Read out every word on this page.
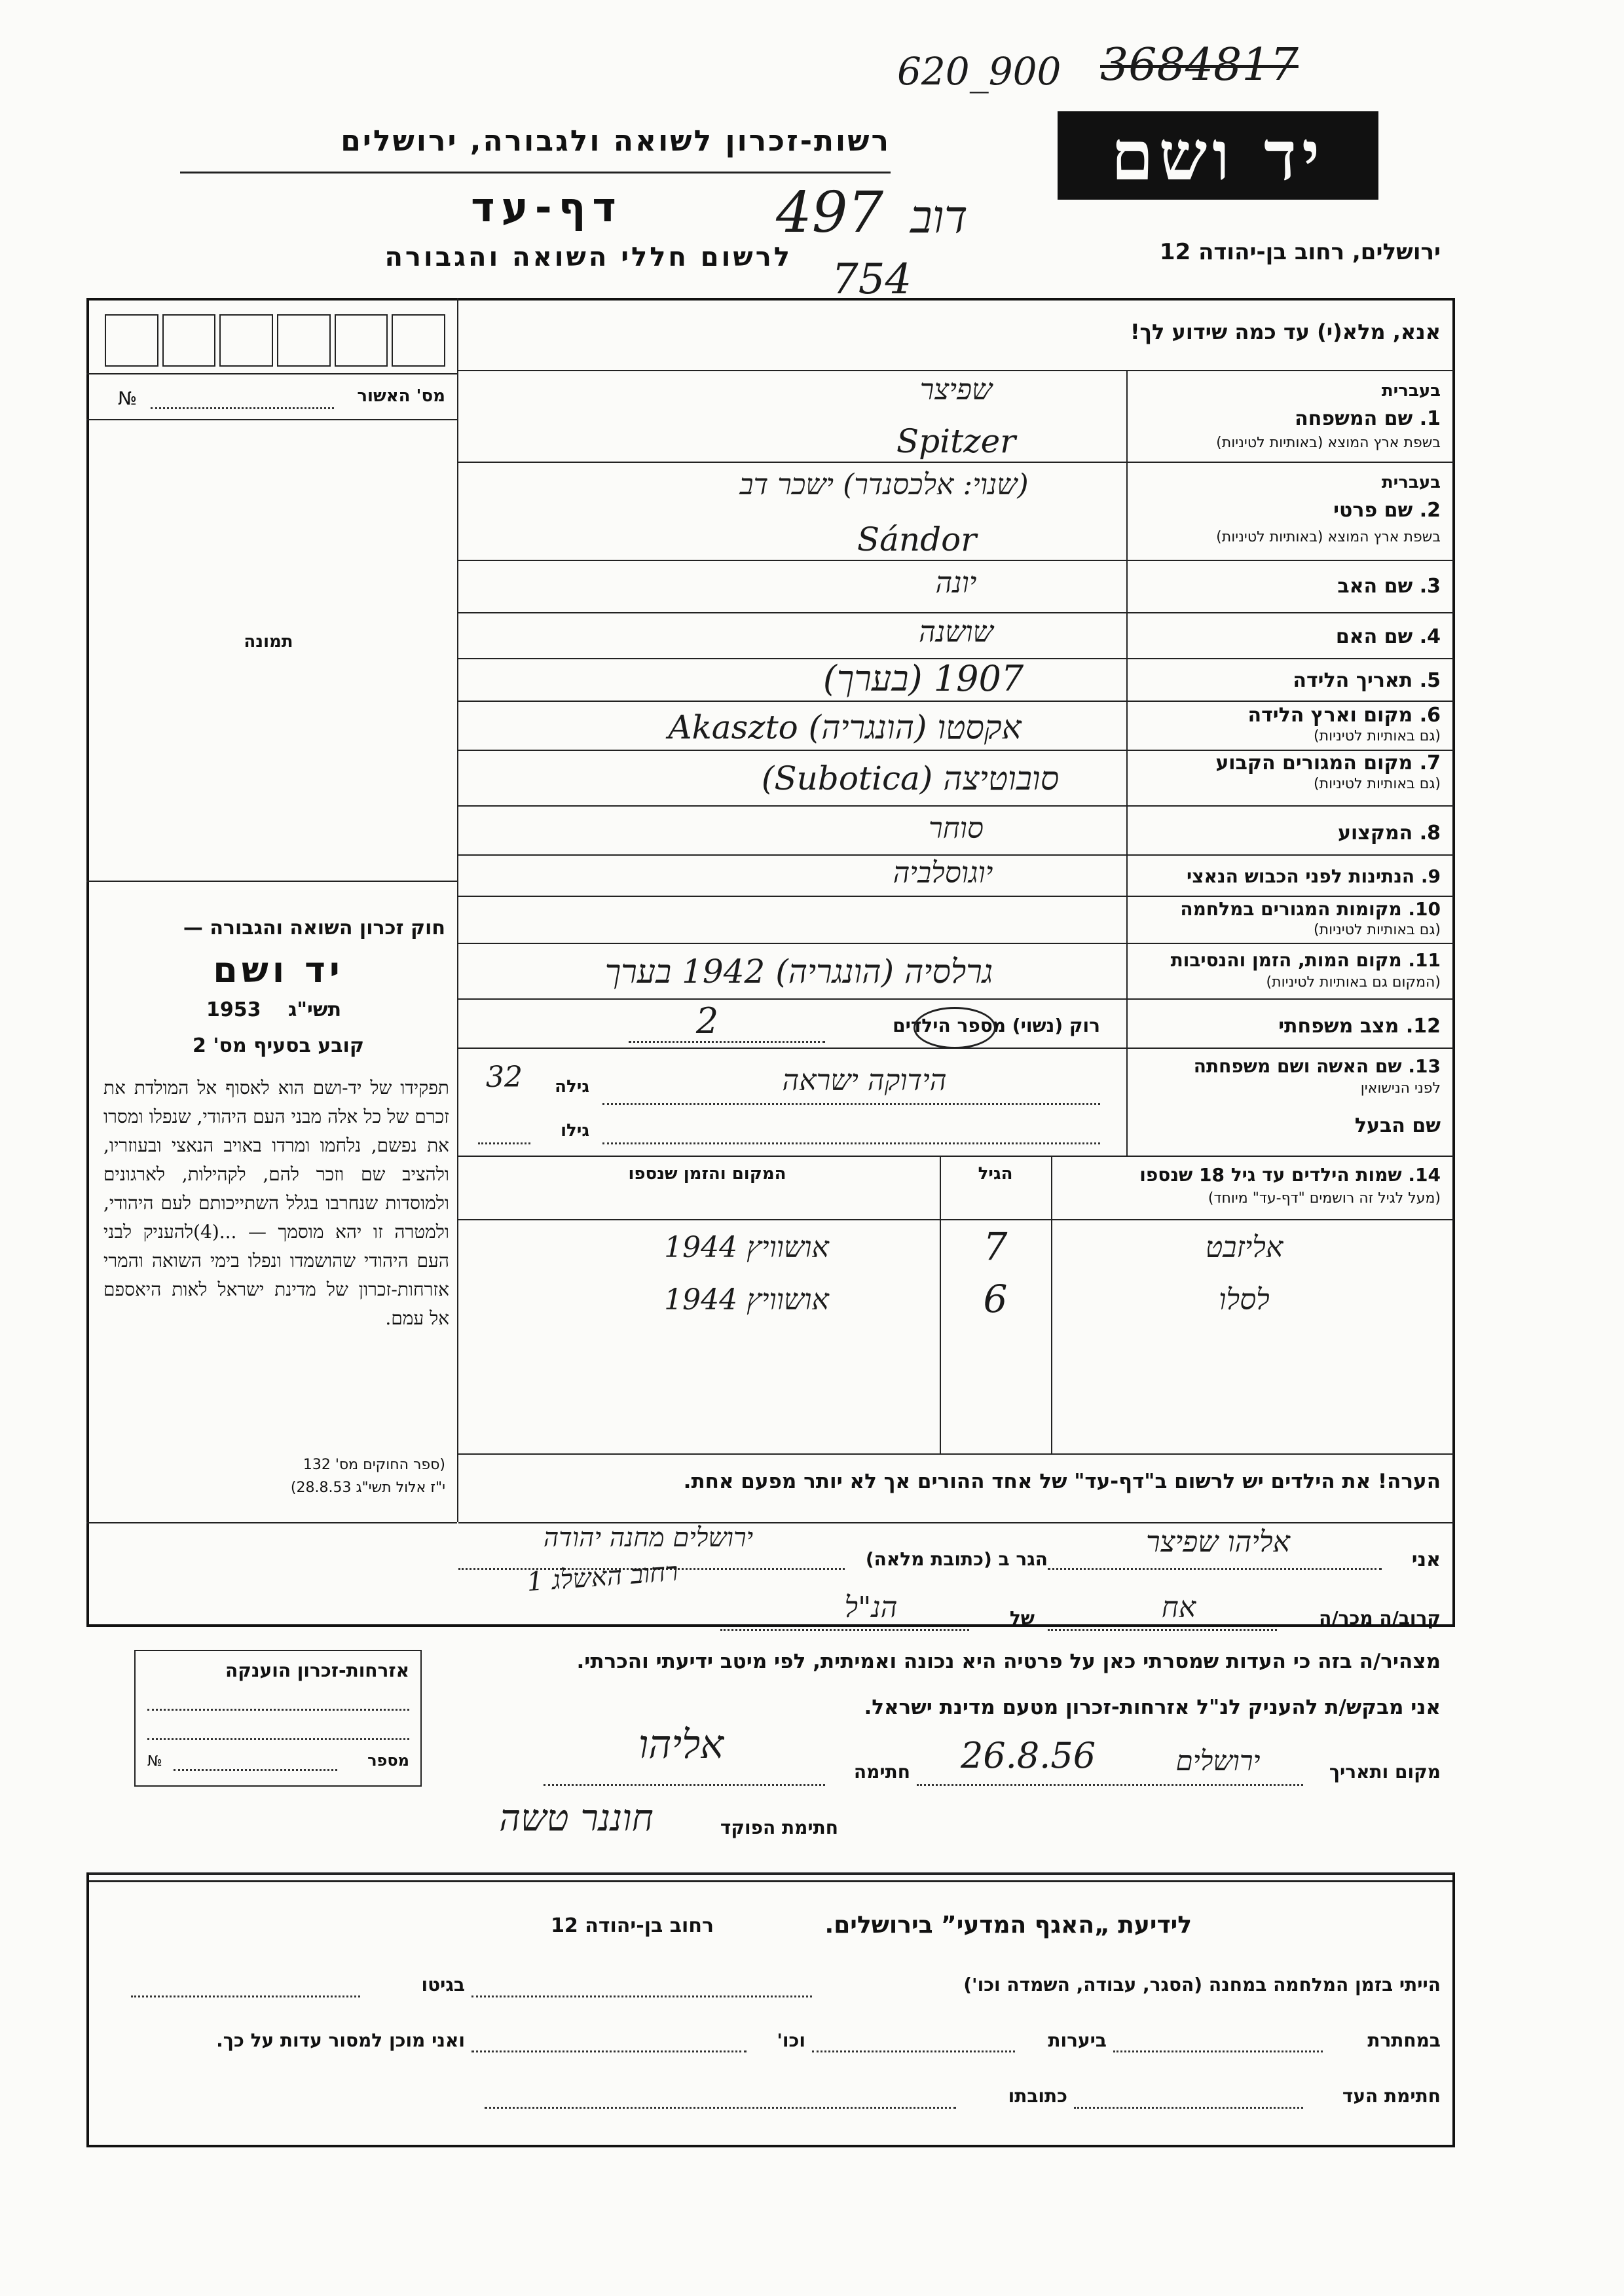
620_900 3684817
רשות-זכרון לשואה ולגבורה, ירושלים	יד ושם
דף-עד	497 דוב
754
לרשום חללי השואה והגבורה	ירושלים, רחוב בן-יהודה 12
אנא, מלא(י) עד כמה שידוע לך!
מס' האשור
№
תמונה
חוק זכרון השואה והגבורה —
יד ושם
1953 תשי"ג
קובע בסעיף מס' 2
תפקידו של יד-ושם הוא לאסוף אל המולדת את זכרם של כל אלה מבני העם היהודי, שנפלו ומסרו את נפשם, נלחמו ומרדו באויב הנאצי ובעוזריו, ולהציב שם וזכר להם, לקהילות, לארגונים ולמוסדות שנחרבו בגלל השתייכותם לעם היהודי, ולמטרה זו יהא מוסמך — ...(4)להעניק לבני העם היהודי שהושמדו ונפלו בימי השואה והמרי אזרחות-זכרון של מדינת ישראל לאות היאספם אל עמם.
(ספר החוקים מס' 132
י"ז אלול תשי"ג 28.8.53)
בעברית
1. שם המשפחה
בשפת ארץ המוצא (באותיות לטיניות)
שפיצר
Spitzer
בעברית
2. שם פרטי
בשפת ארץ המוצא (באותיות לטיניות)
(שנוי: אלכסנדר) ישכר דב
Sándor
3. שם האב
יונה
4. שם האם
שושנה
5. תאריך הלידה
1907 (בערך)
6. מקום וארץ הלידה
(גם באותיות לטיניות)
Akaszto (הונגריה) אקסטו
7. מקום המגורים הקבוע
(גם באותיות לטיניות)
(Subotica) סובוטיצה
8. המקצוע
סוחר
9. הנתינות לפני הכבוש הנאצי
יוגוסלביה
10. מקומות המגורים במלחמה
(גם באותיות לטיניות)
11. מקום המות, הזמן והנסיבות
(המקום גם באותיות לטיניות)
גרלסיה (הונגריה) 1942 בערך
12. מצב משפחתי
רוק (נשוי) מספר הילדים
2
13. שם האשה ושם משפחתה
לפני הנישואין
גילה
32	הידוקה ישראה
שם הבעל
גילו
14. שמות הילדים עד גיל 18 שנספו
(מעל לגיל זה רושמים "דף-עד" מיוחד)
הגיל
המקום והזמן שנספו
אליזבט
7
אושוויץ 1944
לסלו
6
אושוויץ 1944
הערה! את הילדים יש לרשום ב"דף-עד" של אחד ההורים אך לא יותר מפעם אחת.
אני
אליהו שפיצר
הגר ב (כתובת מלאה)
ירושלים מחנה יהודה
רחוב האשלג 1
קרוב/ה מכר/ה
אח
של
הנ"ל
מצהיר/ה בזה כי העדות שמסרתי כאן על פרטיה היא נכונה ואמיתית, לפי מיטב ידיעתי והכרתי.
אני מבקש/ת להעניק לנ"ל אזרחות-זכרון מטעם מדינת ישראל.
אזרחות-זכרון הוענקה
№	מספר
מקום ותאריך
ירושלים
26.8.56
חתימה
אליהו
חתימת הפוקד
חוננר טשה
לידיעת „האגף המדעי” בירושלים.
רחוב בן-יהודה 12
הייתי בזמן המלחמה במחנה (הסגר, עבודה, השמדה וכו')
בגיטו
במחתרת
ביערות
וכו'
ואני מוכן למסור עדות על כך.
חתימת העד
כתובתו
